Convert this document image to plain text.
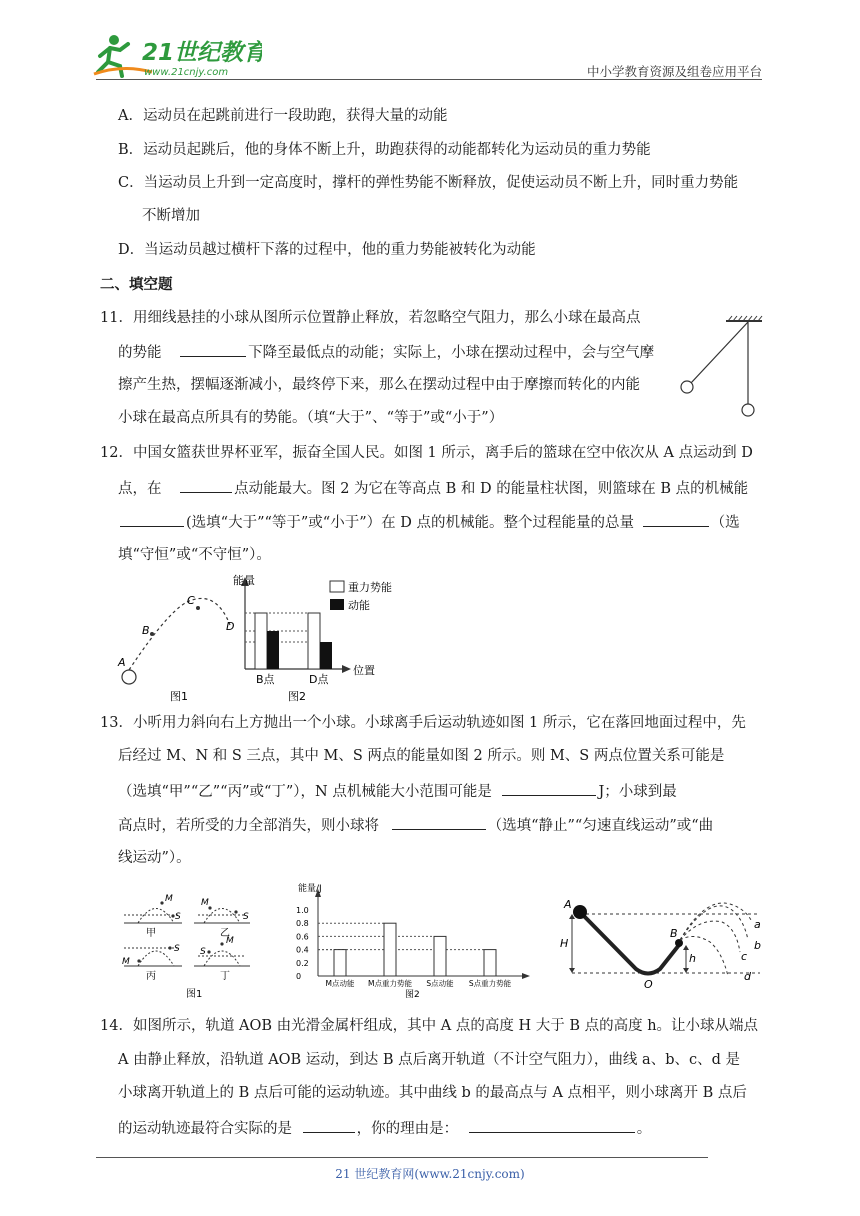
21世纪教育
www.21cnjy.com	中小学教育资源及组卷应用平台
A．运动员在起跳前进行一段助跑，获得大量的动能
B．运动员起跳后，他的身体不断上升，助跑获得的动能都转化为运动员的重力势能
C．当运动员上升到一定高度时，撑杆的弹性势能不断释放，促使运动员不断上升，同时重力势能
不断增加
D．当运动员越过横杆下落的过程中，他的重力势能被转化为动能
二、填空题
11．用细线悬挂的小球从图所示位置静止释放，若忽略空气阻力，那么小球在最高点
的势能	下降至最低点的动能；实际上，小球在摆动过程中，会与空气摩
擦产生热，摆幅逐渐减小，最终停下来，那么在摆动过程中由于摩擦而转化的内能
小球在最高点所具有的势能。（填“大于”、“等于”或“小于”）
12．中国女篮获世界杯亚军，振奋全国人民。如图 1 所示，离手后的篮球在空中依次从 A 点运动到 D
点，在	点动能最大。图 2 为它在等高点 B 和 D 的能量柱状图，则篮球在 B 点的机械能
(选填“大于”“等于”或“小于”）在 D 点的机械能。整个过程能量的总量	（选
填“守恒”或“不守恒”）。
A
B
C
D
图1
能量
位置
B点	D点
图2
重力势能
动能
13．小听用力斜向右上方抛出一个小球。小球离手后运动轨迹如图 1 所示，它在落回地面过程中，先
后经过 M、N 和 S 三点，其中 M、S 两点的能量如图 2 所示。则 M、S 两点位置关系可能是
（选填“甲”“乙”“丙”或“丁”），N 点机械能大小范围可能是	J；小球到最
高点时，若所受的力全部消失，则小球将	（选填“静止”“匀速直线运动”或“曲
线运动”）。
M
S
M
S
M
S S
M
甲	乙
丙	丁
图1
能量/J
图2
1.0
0.8
0.6
0.4
0.2
0
M点动能 M点重力势能 S点动能 S点重力势能
A
H
B
h
O
a
b
c
d
14．如图所示，轨道 AOB 由光滑金属杆组成，其中 A 点的高度 H 大于 B 点的高度 h。让小球从端点
A 由静止释放，沿轨道 AOB 运动，到达 B 点后离开轨道（不计空气阻力），曲线 a、b、c、d 是
小球离开轨道上的 B 点后可能的运动轨迹。其中曲线 b 的最高点与 A 点相平，则小球离开 B 点后
的运动轨迹最符合实际的是	，你的理由是：	。
21 世纪教育网(www.21cnjy.com)
